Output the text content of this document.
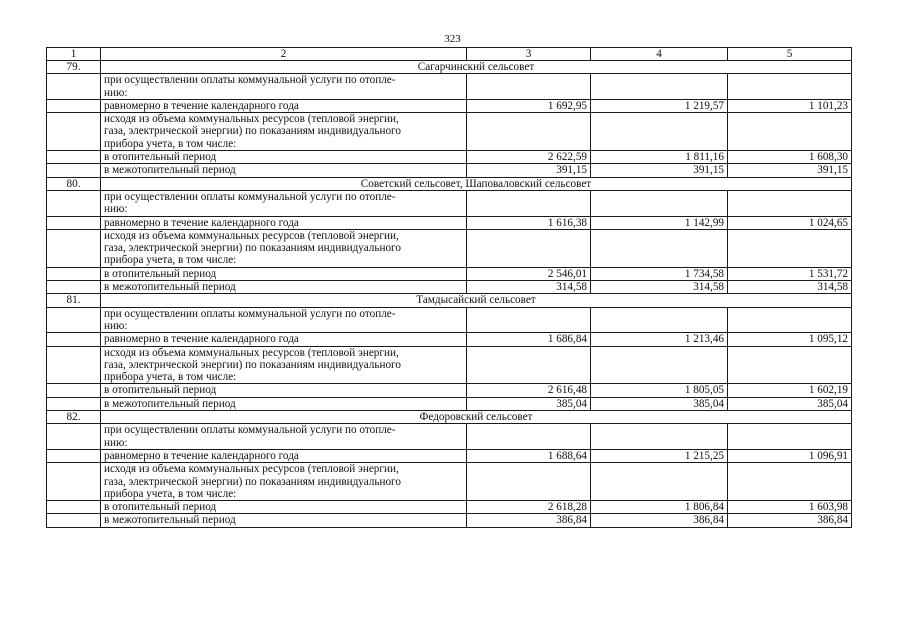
323
1	2	3	4	5
79.	Сагарчинский сельсовет			
	при осуществлении оплаты коммунальной услуги по отопле-
нию:			
	равномерно в течение календарного года	1 692,95	1 219,57	1 101,23
	исходя из объема коммунальных ресурсов (тепловой энергии,
газа, электрической энергии) по показаниям индивидуального
прибора учета, в том числе:			
	в отопительный период	2 622,59	1 811,16	1 608,30
	в межотопительный период	391,15	391,15	391,15
80.	Советский сельсовет, Шаповаловский сельсовет			
	при осуществлении оплаты коммунальной услуги по отопле-
нию:			
	равномерно в течение календарного года	1 616,38	1 142,99	1 024,65
	исходя из объема коммунальных ресурсов (тепловой энергии,
газа, электрической энергии) по показаниям индивидуального
прибора учета, в том числе:			
	в отопительный период	2 546,01	1 734,58	1 531,72
	в межотопительный период	314,58	314,58	314,58
81.	Тамдысайский сельсовет			
	при осуществлении оплаты коммунальной услуги по отопле-
нию:			
	равномерно в течение календарного года	1 686,84	1 213,46	1 095,12
	исходя из объема коммунальных ресурсов (тепловой энергии,
газа, электрической энергии) по показаниям индивидуального
прибора учета, в том числе:			
	в отопительный период	2 616,48	1 805,05	1 602,19
	в межотопительный период	385,04	385,04	385,04
82.	Федоровский сельсовет			
	при осуществлении оплаты коммунальной услуги по отопле-
нию:			
	равномерно в течение календарного года	1 688,64	1 215,25	1 096,91
	исходя из объема коммунальных ресурсов (тепловой энергии,
газа, электрической энергии) по показаниям индивидуального
прибора учета, в том числе:			
	в отопительный период	2 618,28	1 806,84	1 603,98
	в межотопительный период	386,84	386,84	386,84
